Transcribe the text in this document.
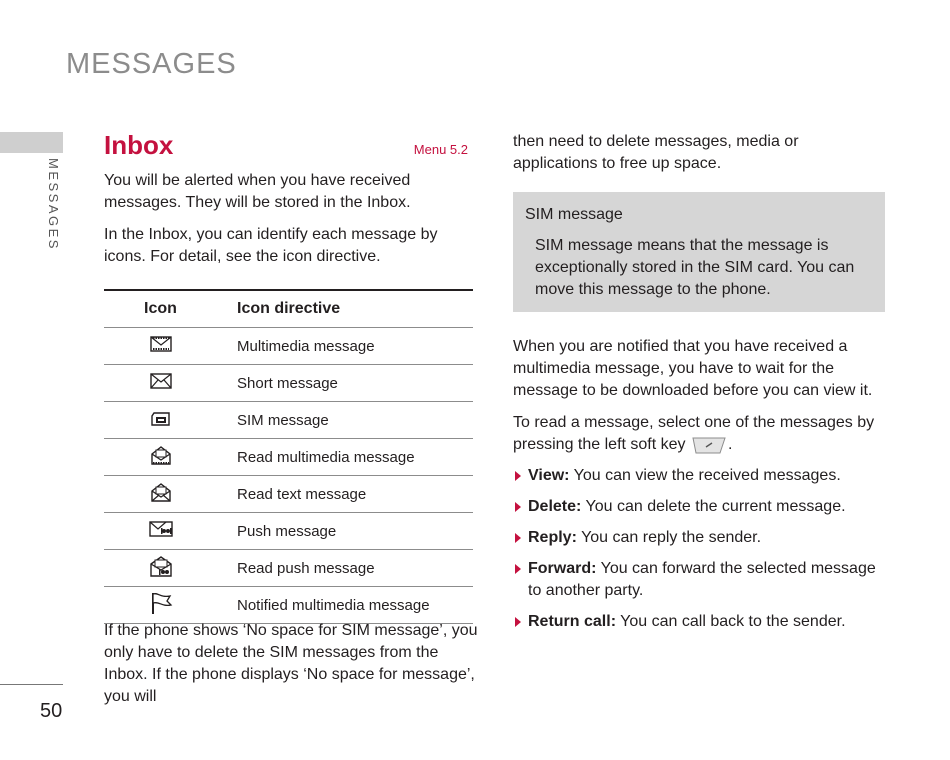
MESSAGES
MESSAGES
50
Inbox	Menu 5.2

You will be alerted when you have received messages. They will be stored in the Inbox.

In the Inbox, you can identify each message by icons. For detail, see the icon directive.

Icon	Icon directive
	Multimedia message
	Short message
	SIM message
	Read multimedia message
	Read text message
	Push message
	Read push message
	Notified multimedia message

If the phone shows ‘No space for SIM message’, you only have to delete the SIM messages from the Inbox. If the phone displays ‘No space for message’, you will

then need to delete messages, media or applications to free up space.

SIM message
SIM message means that the message is exceptionally stored in the SIM card. You can move this message to the phone.

When you are notified that you have received a multimedia message, you have to wait for the message to be downloaded before you can view it.

To read a message, select one of the messages by pressing the left soft key	.

View: You can view the received messages.
Delete: You can delete the current message.
Reply: You can reply the sender.
Forward: You can forward the selected message to another party.
Return call: You can call back to the sender.
